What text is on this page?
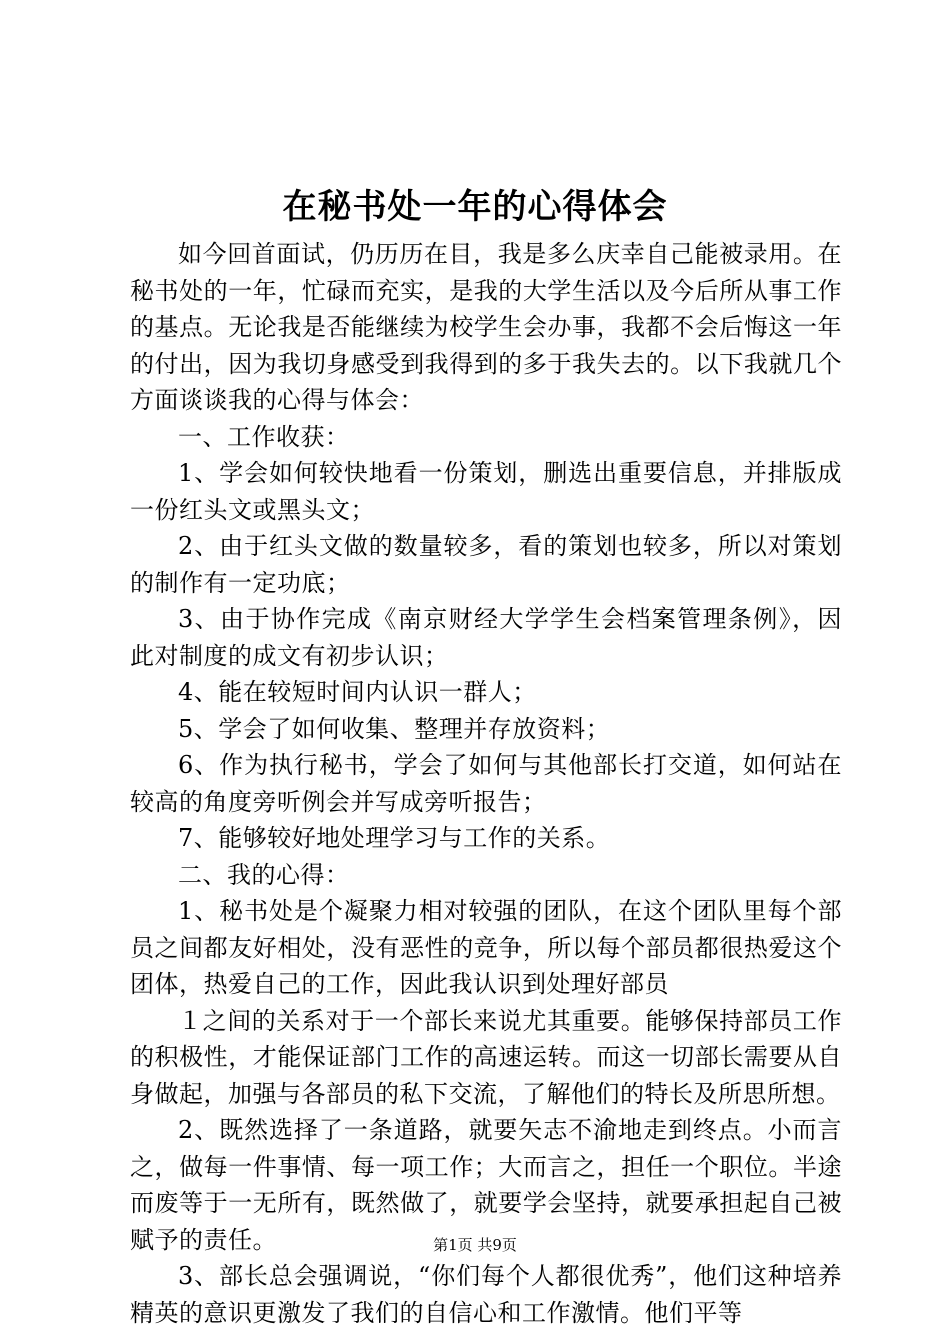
在秘书处一年的心得体会

如今回首面试，仍历历在目，我是多么庆幸自己能被录用。在秘书处的一年，忙碌而充实，是我的大学生活以及今后所从事工作的基点。无论我是否能继续为校学生会办事，我都不会后悔这一年的付出，因为我切身感受到我得到的多于我失去的。以下我就几个方面谈谈我的心得与体会：

一、工作收获：

1、学会如何较快地看一份策划，删选出重要信息，并排版成一份红头文或黑头文；

2、由于红头文做的数量较多，看的策划也较多，所以对策划的制作有一定功底；

3、由于协作完成《南京财经大学学生会档案管理条例》，因此对制度的成文有初步认识；

4、能在较短时间内认识一群人；

5、学会了如何收集、整理并存放资料；

6、作为执行秘书，学会了如何与其他部长打交道，如何站在较高的角度旁听例会并写成旁听报告；

7、能够较好地处理学习与工作的关系。

二、我的心得：

1、秘书处是个凝聚力相对较强的团队，在这个团队里每个部员之间都友好相处，没有恶性的竞争，所以每个部员都很热爱这个团体，热爱自己的工作，因此我认识到处理好部员

１之间的关系对于一个部长来说尤其重要。能够保持部员工作的积极性，才能保证部门工作的高速运转。而这一切部长需要从自身做起，加强与各部员的私下交流，了解他们的特长及所思所想。

2、既然选择了一条道路，就要矢志不渝地走到终点。小而言之，做每一件事情、每一项工作；大而言之，担任一个职位。半途而废等于一无所有，既然做了，就要学会坚持，就要承担起自己被赋予的责任。

3、部长总会强调说，“你们每个人都很优秀”，他们这种培养精英的意识更激发了我们的自信心和工作激情。他们平等

第1页 共9页
